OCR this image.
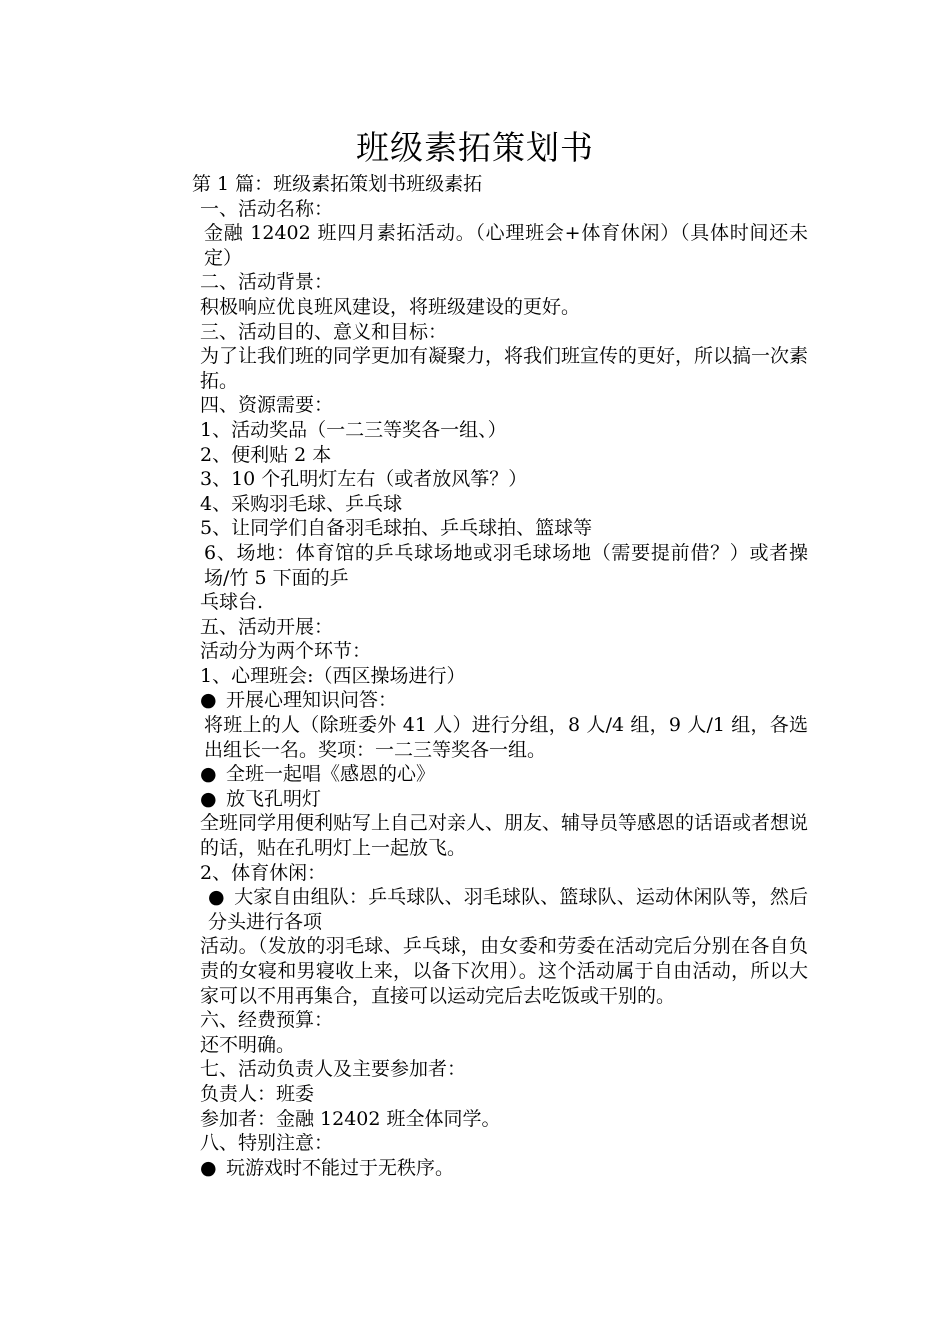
班级素拓策划书

第 1 篇：班级素拓策划书班级素拓

一、活动名称：

金融 12402 班四月素拓活动。（心理班会+体育休闲）（具体时间还未定）

二、活动背景：

积极响应优良班风建设，将班级建设的更好。

三、活动目的、意义和目标：

为了让我们班的同学更加有凝聚力，将我们班宣传的更好，所以搞一次素拓。

四、资源需要：

1、活动奖品（一二三等奖各一组、）

2、便利贴 2 本

3、10 个孔明灯左右（或者放风筝？）

4、采购羽毛球、乒乓球

5、让同学们自备羽毛球拍、乒乓球拍、篮球等

6、场地：体育馆的乒乓球场地或羽毛球场地（需要提前借？）或者操场/竹 5 下面的乒

乓球台.

五、活动开展：

活动分为两个环节：

1、心理班会:（西区操场进行）

● 开展心理知识问答：

将班上的人（除班委外 41 人）进行分组，8 人/4 组，9 人/1 组，各选出组长一名。奖项：一二三等奖各一组。

● 全班一起唱《感恩的心》

● 放飞孔明灯

全班同学用便利贴写上自己对亲人、朋友、辅导员等感恩的话语或者想说的话，贴在孔明灯上一起放飞。

2、体育休闲：

● 大家自由组队：乒乓球队、羽毛球队、篮球队、运动休闲队等，然后分头进行各项

活动。（发放的羽毛球、乒乓球，由女委和劳委在活动完后分别在各自负责的女寝和男寝收上来，以备下次用）。这个活动属于自由活动，所以大家可以不用再集合，直接可以运动完后去吃饭或干别的。

六、经费预算：

还不明确。

七、活动负责人及主要参加者：

负责人：班委

参加者：金融 12402 班全体同学。

八、特别注意：

● 玩游戏时不能过于无秩序。
